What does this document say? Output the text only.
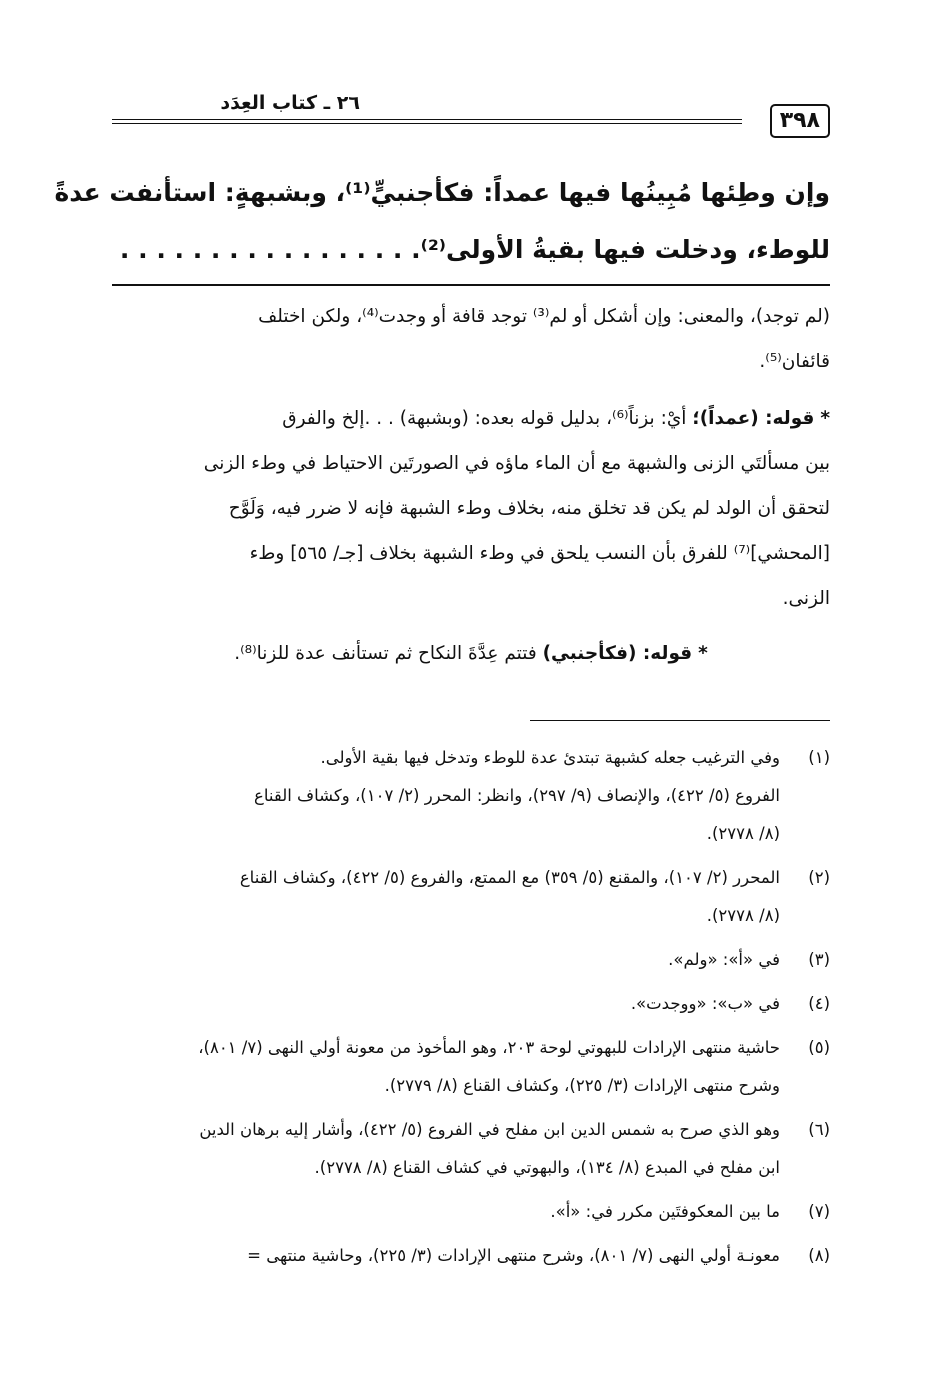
٣٩٨
٢٦ ـ كتاب العِدَد
وإن وطِئها مُبِينُها فيها عمداً: فكأجنبيٍّ⁽¹⁾، وبشبهةٍ: استأنفت عدةً
للوطء، ودخلت فيها بقيةُ الأولى⁽²⁾. . . . . . . . . . . . . . . . .

(لم توجد)، والمعنى: وإن أشكل أو لم⁽³⁾ توجد قافة أو وجدت⁽⁴⁾، ولكن اختلف
قائفان⁽⁵⁾.

* قوله: (عمداً)؛ أيْ: بزناً⁽⁶⁾، بدليل قوله بعده: (وبشبهة) . . .إلخ والفرق
بين مسألتَي الزنى والشبهة مع أن الماء ماؤه في الصورتَين الاحتياط في وطء الزنى
لتحقق أن الولد لم يكن قد تخلق منه، بخلاف وطء الشبهة فإنه لا ضرر فيه، وَلَوَّح
[المحشي]⁽⁷⁾ للفرق بأن النسب يلحق في وطء الشبهة بخلاف [جـ/ ٥٦٥] وطء
الزنى.

* قوله: (فكأجنبي) فتتم عِدَّةَ النكاح ثم تستأنف عدة للزنا⁽⁸⁾.

(١)
وفي الترغيب جعله كشبهة تبتدئ عدة للوطء وتدخل فيها بقية الأولى.
الفروع (٥/ ٤٢٢)، والإنصاف (٩/ ٢٩٧)، وانظر: المحرر (٢/ ١٠٧)، وكشاف القناع
(٨/ ٢٧٧٨).
(٢)
المحرر (٢/ ١٠٧)، والمقنع (٥/ ٣٥٩) مع الممتع، والفروع (٥/ ٤٢٢)، وكشاف القناع
(٨/ ٢٧٧٨).
(٣)
في «أ»: «ولم».
(٤)
في «ب»: «ووجدت».
(٥)
حاشية منتهى الإرادات للبهوتي لوحة ٢٠٣، وهو المأخوذ من معونة أولي النهى (٧/ ٨٠١)،
وشرح منتهى الإرادات (٣/ ٢٢٥)، وكشاف القناع (٨/ ٢٧٧٩).
(٦)
وهو الذي صرح به شمس الدين ابن مفلح في الفروع (٥/ ٤٢٢)، وأشار إليه برهان الدين
ابن مفلح في المبدع (٨/ ١٣٤)، والبهوتي في كشاف القناع (٨/ ٢٧٧٨).
(٧)
ما بين المعكوفتَين مكرر في: «أ».
(٨)
معونـة أولي النهى (٧/ ٨٠١)، وشرح منتهى الإرادات (٣/ ٢٢٥)، وحاشية منتهى =
